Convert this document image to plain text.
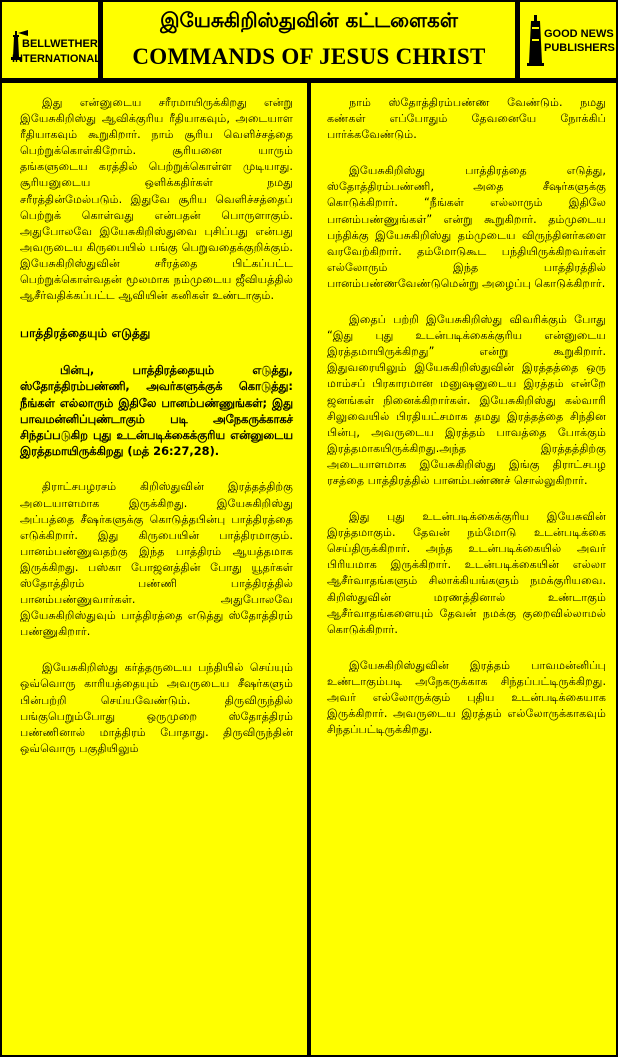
BELLWETHER
INTERNATIONAL
இயேசுகிறிஸ்துவின் கட்டளைகள்
COMMANDS OF JESUS CHRIST
GOOD NEWS
PUBLISHERS

இது என்னுடைய சரீரமாயிருக்கிறது என்று இயேசுகிறிஸ்து ஆவிக்குரிய ரீதியாகவும், அடையாள ரீதியாகவும் கூறுகிறார். நாம் சூரிய வெளிச்சத்தை பெற்றுக்கொள்கிறோம். சூரியனை யாரும் தங்களுடைய கரத்தில் பெற்றுக்கொள்ள முடியாது. சூரியனுடைய ஒளிக்கதிர்கள் நமது சரீரத்தின்மேல்படும். இதுவே சூரிய வெளிச்சத்தைப் பெற்றுக் கொள்வது என்பதன் பொருளாகும். அதுபோலவே இயேசுகிறிஸ்துவை புசிப்பது என்பது அவருடைய கிருபையில் பங்கு பெறுவதைக்குறிக்கும். இயேசுகிறிஸ்துவின் சரீரத்தை பிட்கப்பட்ட பெற்றுக்கொள்வதன் மூலமாக நம்முடைய ஜீவியத்தில் ஆசீர்வதிக்கப்பட்ட ஆவியின் கனிகள் உண்டாகும்.

பாத்திரத்தையும் எடுத்து

பின்பு, பாத்திரத்தையும் எடுத்து, ஸ்தோத்திரம்பண்ணி, அவர்களுக்குக் கொடுத்து: நீங்கள் எல்லாரும் இதிலே பானம்பண்ணுங்கள்; இது பாவமன்னிப்புண்டாகும் படி அநேகருக்காகச் சிந்தப்படுகிற புது உடன்படிக்கைக்குரிய என்னுடைய இரத்தமாயிருக்கிறது (மத் 26:27,28).

திராட்சபழரசம் கிறிஸ்துவின் இரத்தத்திற்கு அடையாளமாக இருக்கிறது. இயேசுகிறிஸ்து அப்பத்தை சீஷர்களுக்கு கொடுத்தபின்பு பாத்திரத்தை எடுக்கிறார். இது கிருபையின் பாத்திரமாகும். பானம்பண்ணுவதற்கு இந்த பாத்திரம் ஆயத்தமாக இருக்கிறது. பஸ்கா போஜனத்தின் போது யூதர்கள் ஸ்தோத்திரம் பண்ணி பாத்திரத்தில் பானம்பண்ணுவார்கள். அதுபோலவே இயேசுகிறிஸ்துவும் பாத்திரத்தை எடுத்து ஸ்தோத்திரம் பண்ணுகிறார்.

இயேசுகிறிஸ்து கர்த்தருடைய பந்தியில் செய்யும் ஒவ்வொரு காரியத்தையும் அவருடைய சீஷர்களும் பின்பற்றி செய்யவேண்டும். திருவிருந்தில் பங்குபெறும்போது ஒருமுறை ஸ்தோத்திரம் பண்ணினால் மாத்திரம் போதாது. திருவிருந்தின் ஒவ்வொரு பகுதியிலும்

நாம் ஸ்தோத்திரம்பண்ண வேண்டும். நமது கண்கள் எப்போதும் தேவனையே நோக்கிப் பார்க்கவேண்டும்.

இயேசுகிறிஸ்து பாத்திரத்தை எடுத்து, ஸ்தோத்திரம்பண்ணி, அதை சீஷர்களுக்கு கொடுக்கிறார். “நீங்கள் எல்லாரும் இதிலே பானம்பண்ணுங்கள்” என்று கூறுகிறார். தம்முடைய பந்திக்கு இயேசுகிறிஸ்து தம்முடைய விருந்தினர்களை வரவேற்கிறார். தம்மோடுகூட பந்தியிருக்கிறவர்கள் எல்லோரும் இந்த பாத்திரத்தில் பானம்பண்ணவேண்டுமென்று அழைப்பு கொடுக்கிறார்.

இதைப் பற்றி இயேசுகிறிஸ்து விவரிக்கும் போது “இது புது உடன்படிக்கைக்குரிய என்னுடைய இரத்தமாயிருக்கிறது” என்று கூறுகிறார். இதுவரையிலும் இயேசுகிறிஸ்துவின் இரத்தத்தை ஒரு மாம்சப் பிரகாரமான மனுஷனுடைய இரத்தம் என்றே ஜனங்கள் நினைக்கிறார்கள். இயேசுகிறிஸ்து கல்வாரி சிலுவையில் பிரதியட்சமாக தமது இரத்தத்தை சிந்தின பின்பு, அவருடைய இரத்தம் பாவத்தை போக்கும் இரத்தமாகயிருக்கிறது.அந்த இரத்தத்திற்கு அடையாளமாக இயேசுகிறிஸ்து இங்கு திராட்சபழ ரசத்தை பாத்திரத்தில் பானம்பண்ணச் சொல்லுகிறார்.

இது புது உடன்படிக்கைக்குரிய இயேசுவின் இரத்தமாகும். தேவன் நம்மோடு உடன்படிக்கை செய்திருக்கிறார். அந்த உடன்படிக்கையில் அவர் பிரியமாக இருக்கிறார். உடன்படிக்கையின் எல்லா ஆசீர்வாதங்களும் சிலாக்கியங்களும் நமக்குரியவை. கிறிஸ்துவின் மரணத்தினால் உண்டாகும் ஆசீர்வாதங்களையும் தேவன் நமக்கு குறைவில்லாமல் கொடுக்கிறார்.

இயேசுகிறிஸ்துவின் இரத்தம் பாவமன்னிப்பு உண்டாகும்படி அநேகருக்காக சிந்தப்பட்டிருக்கிறது. அவர் எல்லோருக்கும் புதிய உடன்படிக்கையாக இருக்கிறார். அவருடைய இரத்தம் எல்லோருக்காகவும் சிந்தப்பட்டிருக்கிறது.
